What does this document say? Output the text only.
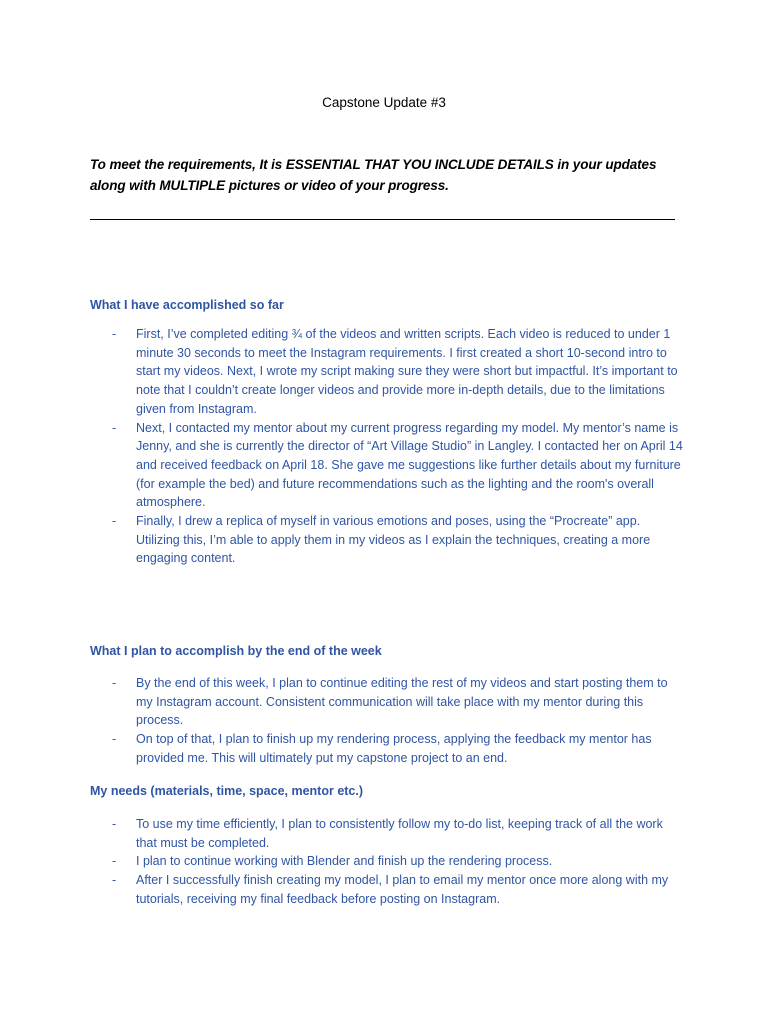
Capstone Update #3
To meet the requirements, It is ESSENTIAL THAT YOU INCLUDE DETAILS in your updates along with MULTIPLE pictures or video of your progress.
What I have accomplished so far
- First, I’ve completed editing ¾ of the videos and written scripts. Each video is reduced to under 1 minute 30 seconds to meet the Instagram requirements. I first created a short 10-second intro to start my videos. Next, I wrote my script making sure they were short but impactful. It’s important to note that I couldn’t create longer videos and provide more in-depth details, due to the limitations given from Instagram.
- Next, I contacted my mentor about my current progress regarding my model. My mentor’s name is Jenny, and she is currently the director of “Art Village Studio” in Langley. I contacted her on April 14 and received feedback on April 18. She gave me suggestions like further details about my furniture (for example the bed) and future recommendations such as the lighting and the room's overall atmosphere.
- Finally, I drew a replica of myself in various emotions and poses, using the “Procreate” app. Utilizing this, I’m able to apply them in my videos as I explain the techniques, creating a more engaging content.
What I plan to accomplish by the end of the week
- By the end of this week, I plan to continue editing the rest of my videos and start posting them to my Instagram account. Consistent communication will take place with my mentor during this process.
- On top of that, I plan to finish up my rendering process, applying the feedback my mentor has provided me. This will ultimately put my capstone project to an end.
My needs (materials, time, space, mentor etc.)
- To use my time efficiently, I plan to consistently follow my to-do list, keeping track of all the work that must be completed.
- I plan to continue working with Blender and finish up the rendering process.
- After I successfully finish creating my model, I plan to email my mentor once more along with my tutorials, receiving my final feedback before posting on Instagram.
